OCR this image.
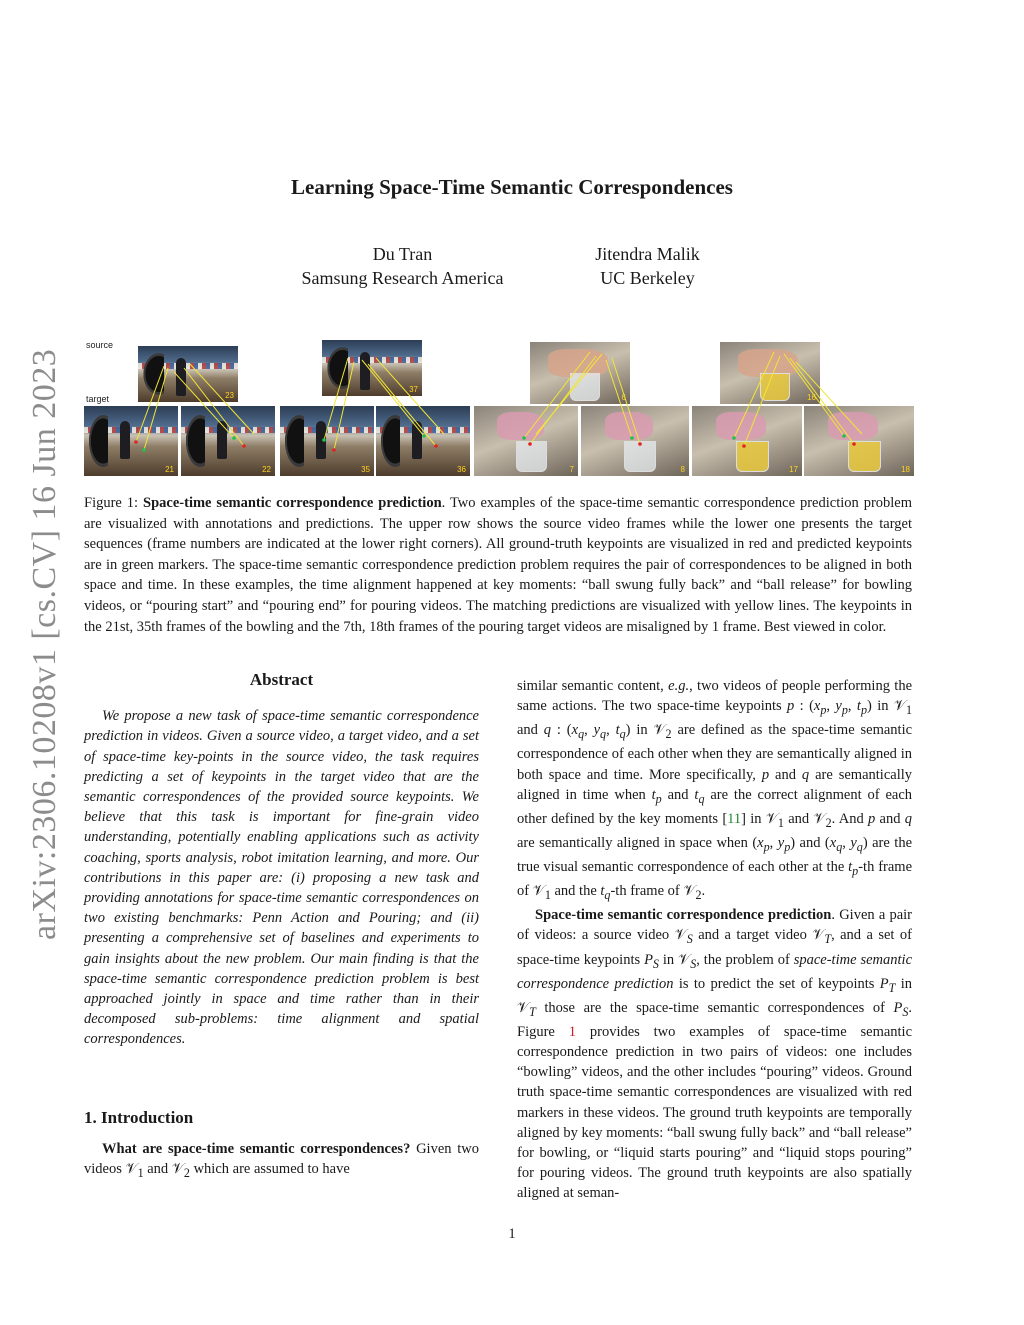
arXiv:2306.10208v1 [cs.CV] 16 Jun 2023
Learning Space-Time Semantic Correspondences
Du Tran
Samsung Research America
Jitendra Malik
UC Berkeley
source
target	23
37
6	16
21	22	35	36	7	8	17	18

Figure 1: Space-time semantic correspondence prediction. Two examples of the space-time semantic correspondence prediction problem are visualized with annotations and predictions. The upper row shows the source video frames while the lower one presents the target sequences (frame numbers are indicated at the lower right corners). All ground-truth keypoints are visualized in red and predicted keypoints are in green markers. The space-time semantic correspondence prediction problem requires the pair of correspondences to be aligned in both space and time. In these examples, the time alignment happened at key moments: “ball swung fully back” and “ball release” for bowling videos, or “pouring start” and “pouring end” for pouring videos. The matching predictions are visualized with yellow lines. The keypoints in the 21st, 35th frames of the bowling and the 7th, 18th frames of the pouring target videos are misaligned by 1 frame. Best viewed in color.

Abstract

We propose a new task of space-time semantic correspondence prediction in videos. Given a source video, a target video, and a set of space-time key-points in the source video, the task requires predicting a set of keypoints in the target video that are the semantic correspondences of the provided source keypoints. We believe that this task is important for fine-grain video understanding, potentially enabling applications such as activity coaching, sports analysis, robot imitation learning, and more. Our contributions in this paper are: (i) proposing a new task and providing annotations for space-time semantic correspondences on two existing benchmarks: Penn Action and Pouring; and (ii) presenting a comprehensive set of baselines and experiments to gain insights about the new problem. Our main finding is that the space-time semantic correspondence prediction problem is best approached jointly in space and time rather than in their decomposed sub-problems: time alignment and spatial correspondences.

1. Introduction

What are space-time semantic correspondences? Given two videos 𝒱$_1$ and 𝒱$_2$ which are assumed to have

similar semantic content, e.g., two videos of people performing the same actions. The two space-time keypoints p : ($x_p$, $y_p$, $t_p$) in 𝒱$_1$ and q : ($x_q$, $y_q$, $t_q$) in 𝒱$_2$ are defined as the space-time semantic correspondence of each other when they are semantically aligned in both space and time. More specifically, p and q are semantically aligned in time when $t_p$ and $t_q$ are the correct alignment of each other defined by the key moments [11] in 𝒱$_1$ and 𝒱$_2$. And p and q are semantically aligned in space when ($x_p$, $y_p$) and ($x_q$, $y_q$) are the true visual semantic correspondence of each other at the $t_p-th$ frame of 𝒱$_1$ and the $t_q-th$ frame of 𝒱$_2$.

Space-time semantic correspondence prediction. Given a pair of videos: a source video 𝒱$_S$ and a target video 𝒱$_T$, and a set of space-time keypoints $P_S$ in 𝒱$_S$, the problem of space-time semantic correspondence prediction is to predict the set of keypoints $P_T$ in 𝒱$_T$ those are the space-time semantic correspondences of $P_S$. Figure 1 provides two examples of space-time semantic correspondence prediction in two pairs of videos: one includes “bowling” videos, and the other includes “pouring” videos. Ground truth space-time semantic correspondences are visualized with red markers in these videos. The ground truth keypoints are temporally aligned by key moments: “ball swung fully back” and “ball release” for bowling, or “liquid starts pouring” and “liquid stops pouring” for pouring videos. The ground truth keypoints are also spatially aligned at seman-

1
